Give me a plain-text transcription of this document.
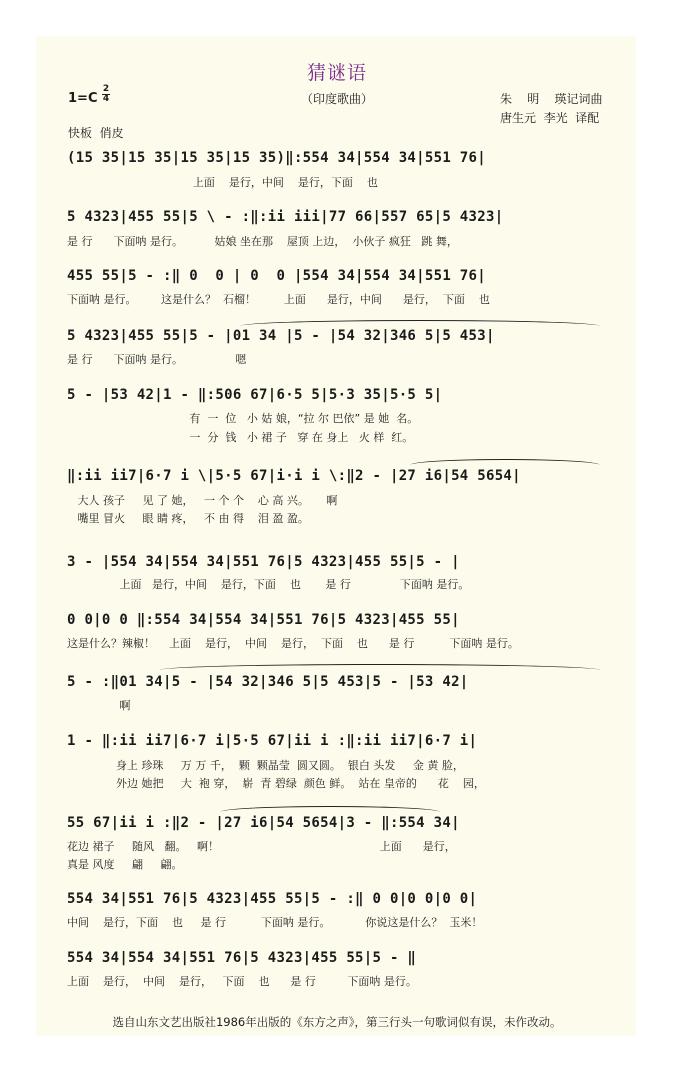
猜谜语
1=C
2
4	（印度歌曲）	朱    明    瑛记词曲
唐生元  李光  译配
快板  俏皮
(15 35|15 35|15 35|15 35)‖:554 34|554 34|551 76|
上面    是行，中间    是行，下面    也
5 4323|455 55|5 \ - :‖:ii iii|77 66|557 65|5 4323|
是 行      下面呐 是行。         姑娘 坐在那    屋顶 上边，  小伙子 疯狂   跳 舞，
455 55|5 - :‖ 0  0 | 0  0 |554 34|554 34|551 76|
下面呐 是行。       这是什么？  石榴！        上面      是行，中间      是行，  下面    也
5 4323|455 55|5 - |01 34 |5 - |54 32|346 5|5 453|
是 行      下面呐 是行。               嗯
5 - |53 42|1 - ‖:506 67|6·5 5|5·3 35|5·5 5|
有  一  位   小 姑 娘，“拉 尔 巴依” 是 她  名。
一  分  钱   小 裙 子   穿 在 身上   火 样  红。
‖:ii ii7|6·7 i \|5·5 67|i·i i \:‖2 - |27 i6|54 5654|
大人 孩子     见 了 她，   一 个 个    心 高 兴。     啊
嘴里 冒火     眼 睛 疼，   不 由 得    泪 盈 盈。
3 - |554 34|554 34|551 76|5 4323|455 55|5 - |
上面   是行，中间    是行，下面    也       是 行              下面呐 是行。
0 0|0 0 ‖:554 34|554 34|551 76|5 4323|455 55|
这是什么？辣椒！    上面    是行，  中间    是行，  下面    也      是 行          下面呐 是行。
5 - :‖01 34|5 - |54 32|346 5|5 453|5 - |53 42|
啊
1 - ‖:ii ii7|6·7 i|5·5 67|ii i :‖:ii ii7|6·7 i|
身上 珍珠     万 万 千，  颗  颗晶莹  圆又圆。  银白 头发     金 黄 脸，
外边 她把     大  袍 穿，  崭  青 碧绿  颜色 鲜。  站在 皇帝的      花    园，
55 67|ii i :‖2 - |27 i6|54 5654|3 - ‖:554 34|
花边 裙子     随风   翻。   啊！                                              上面      是行，
真是 风度     翩     翩。
554 34|551 76|5 4323|455 55|5 - :‖ 0 0|0 0|0 0|
中间    是行，下面    也     是 行          下面呐 是行。          你说这是什么？  玉米！
554 34|554 34|551 76|5 4323|455 55|5 - ‖
上面    是行，  中间    是行，   下面    也      是 行         下面呐 是行。
选自山东文艺出版社1986年出版的《东方之声》，第三行头一句歌词似有误，未作改动。
